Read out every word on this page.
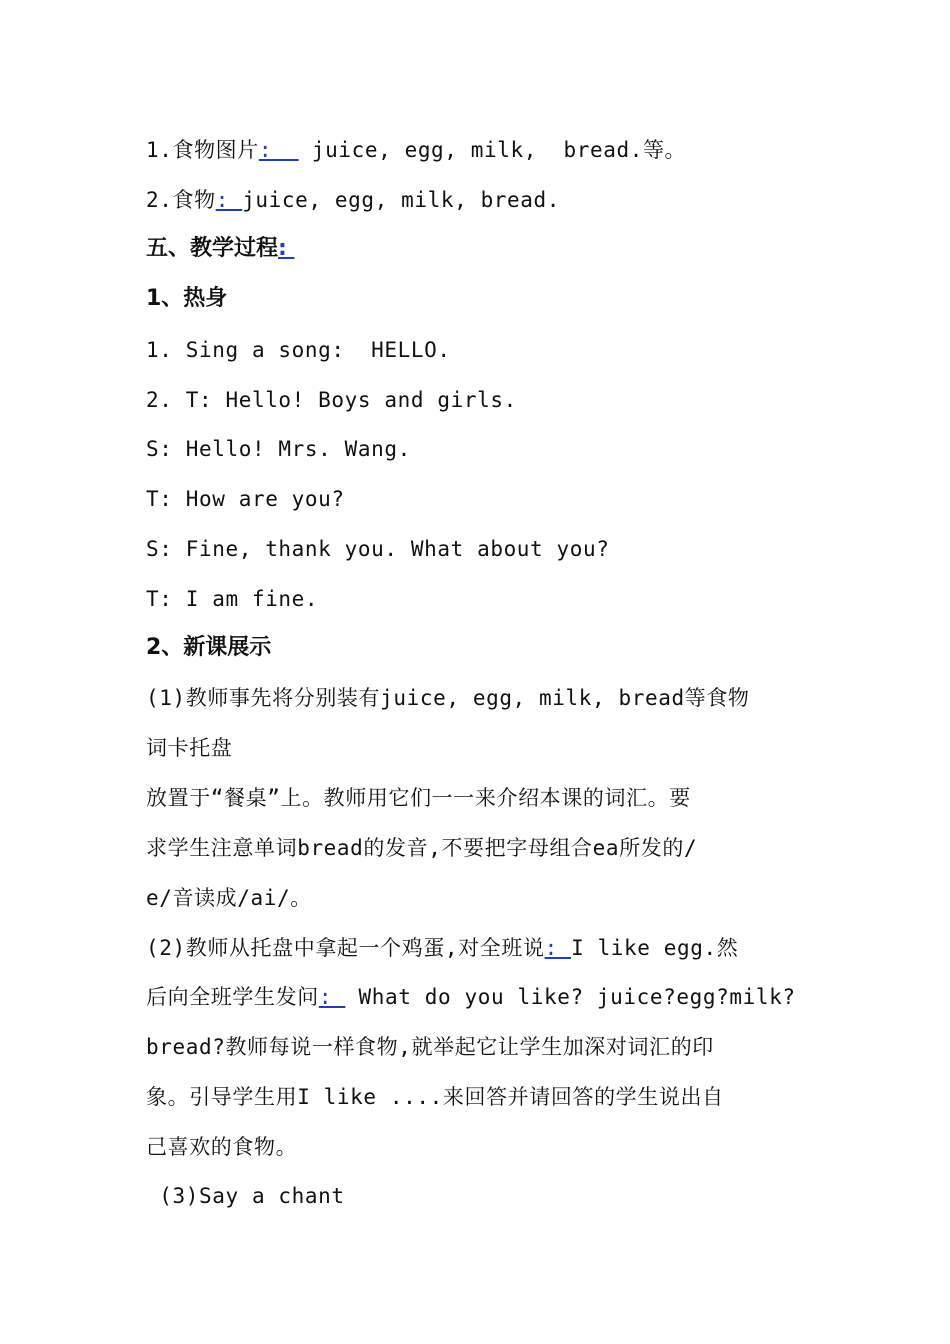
1.食物图片:   juice, egg, milk,  bread.等。
2.食物: juice, egg, milk, bread.
五、教学过程:
1、热身
1. Sing a song:  HELLO.
2. T: Hello! Boys and girls.
S: Hello! Mrs. Wang.
T: How are you?
S: Fine, thank you. What about you?
T: I am fine.
2、新课展示
(1)教师事先将分别装有juice, egg, milk, bread等食物
词卡托盘
放置于“餐桌”上。教师用它们一一来介绍本课的词汇。要
求学生注意单词bread的发音,不要把字母组合ea所发的/
e/音读成/ai/。
(2)教师从托盘中拿起一个鸡蛋,对全班说: I like egg.然
后向全班学生发问:  What do you like? juice?egg?milk?
bread?教师每说一样食物,就举起它让学生加深对词汇的印
象。引导学生用I like ....来回答并请回答的学生说出自
己喜欢的食物。
(3)Say a chant
